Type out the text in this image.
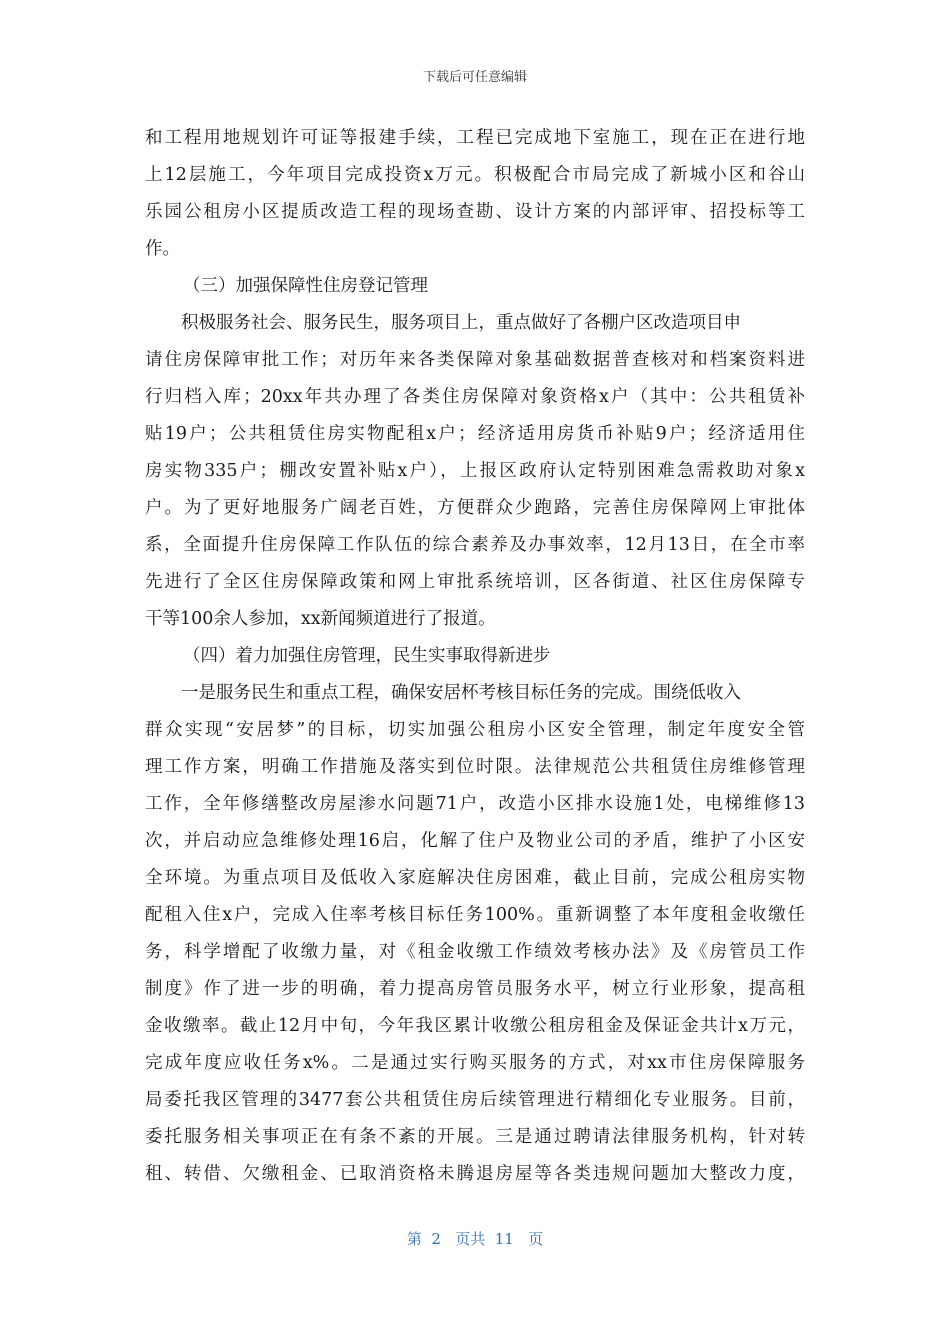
下载后可任意编辑
和工程用地规划许可证等报建手续，工程已完成地下室施工，现在正在进行地
上12层施工，今年项目完成投资x万元。积极配合市局完成了新城小区和谷山
乐园公租房小区提质改造工程的现场查勘、设计方案的内部评审、招投标等工
作。
（三）加强保障性住房登记管理
积极服务社会、服务民生，服务项目上，重点做好了各棚户区改造项目申
请住房保障审批工作；对历年来各类保障对象基础数据普查核对和档案资料进
行归档入库；20xx年共办理了各类住房保障对象资格x户（其中：公共租赁补
贴19户；公共租赁住房实物配租x户；经济适用房货币补贴9户；经济适用住
房实物335户；棚改安置补贴x户），上报区政府认定特别困难急需救助对象x
户。为了更好地服务广阔老百姓，方便群众少跑路，完善住房保障网上审批体
系，全面提升住房保障工作队伍的综合素养及办事效率，12月13日，在全市率
先进行了全区住房保障政策和网上审批系统培训，区各街道、社区住房保障专
干等100余人参加，xx新闻频道进行了报道。
（四）着力加强住房管理，民生实事取得新进步
一是服务民生和重点工程，确保安居杯考核目标任务的完成。围绕低收入
群众实现“安居梦”的目标，切实加强公租房小区安全管理，制定年度安全管
理工作方案，明确工作措施及落实到位时限。法律规范公共租赁住房维修管理
工作，全年修缮整改房屋渗水问题71户，改造小区排水设施1处，电梯维修13
次，并启动应急维修处理16启，化解了住户及物业公司的矛盾，维护了小区安
全环境。为重点项目及低收入家庭解决住房困难，截止目前，完成公租房实物
配租入住x户，完成入住率考核目标任务100%。重新调整了本年度租金收缴任
务，科学增配了收缴力量，对《租金收缴工作绩效考核办法》及《房管员工作
制度》作了进一步的明确，着力提高房管员服务水平，树立行业形象，提高租
金收缴率。截止12月中旬，今年我区累计收缴公租房租金及保证金共计x万元，
完成年度应收任务x%。二是通过实行购买服务的方式，对xx市住房保障服务
局委托我区管理的3477套公共租赁住房后续管理进行精细化专业服务。目前，
委托服务相关事项正在有条不紊的开展。三是通过聘请法律服务机构，针对转
租、转借、欠缴租金、已取消资格未腾退房屋等各类违规问题加大整改力度，
第  2   页共  11   页
